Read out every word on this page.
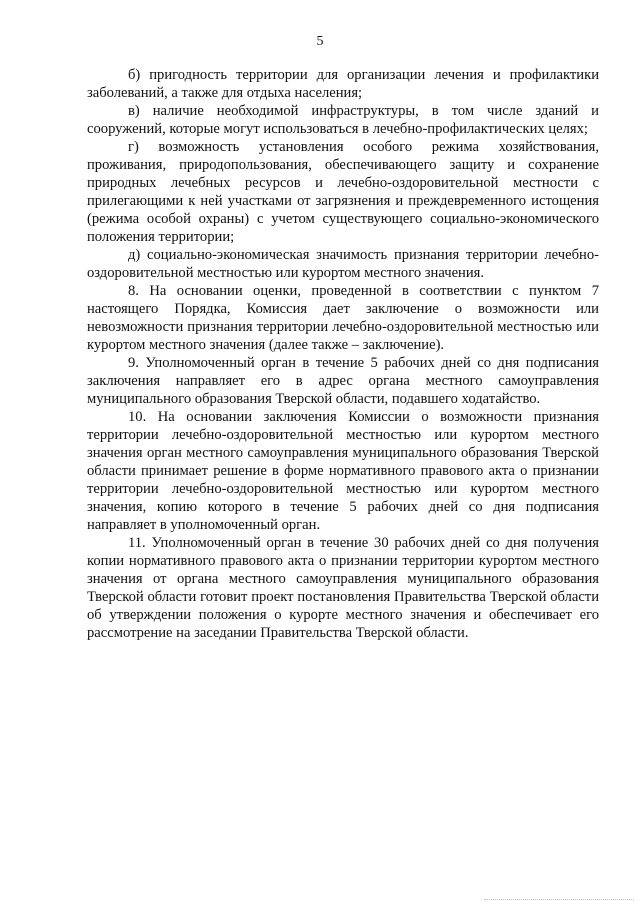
5

б) пригодность территории для организации лечения и профилактики заболеваний, а также для отдыха населения;

в) наличие необходимой инфраструктуры, в том числе зданий и сооружений, которые могут использоваться в лечебно-профилактических целях;

г) возможность установления особого режима хозяйствования, проживания, природопользования, обеспечивающего защиту и сохранение природных лечебных ресурсов и лечебно-оздоровительной местности с прилегающими к ней участками от загрязнения и преждевременного истощения (режима особой охраны) с учетом существующего социально-экономического положения территории;

д) социально-экономическая значимость признания территории лечебно-оздоровительной местностью или курортом местного значения.

8. На основании оценки, проведенной в соответствии с пунктом 7 настоящего Порядка, Комиссия дает заключение о возможности или невозможности признания территории лечебно-оздоровительной местностью или курортом местного значения (далее также – заключение).

9. Уполномоченный орган в течение 5 рабочих дней со дня подписания заключения направляет его в адрес органа местного самоуправления муниципального образования Тверской области, подавшего ходатайство.

10. На основании заключения Комиссии о возможности признания территории лечебно-оздоровительной местностью или курортом местного значения орган местного самоуправления муниципального образования Тверской области принимает решение в форме нормативного правового акта о признании территории лечебно-оздоровительной местностью или курортом местного значения, копию которого в течение 5 рабочих дней со дня подписания направляет в уполномоченный орган.

11. Уполномоченный орган в течение 30 рабочих дней со дня получения копии нормативного правового акта о признании территории курортом местного значения от органа местного самоуправления муниципального образования Тверской области готовит проект постановления Правительства Тверской области об утверждении положения о курорте местного значения и обеспечивает его рассмотрение на заседании Правительства Тверской области.
